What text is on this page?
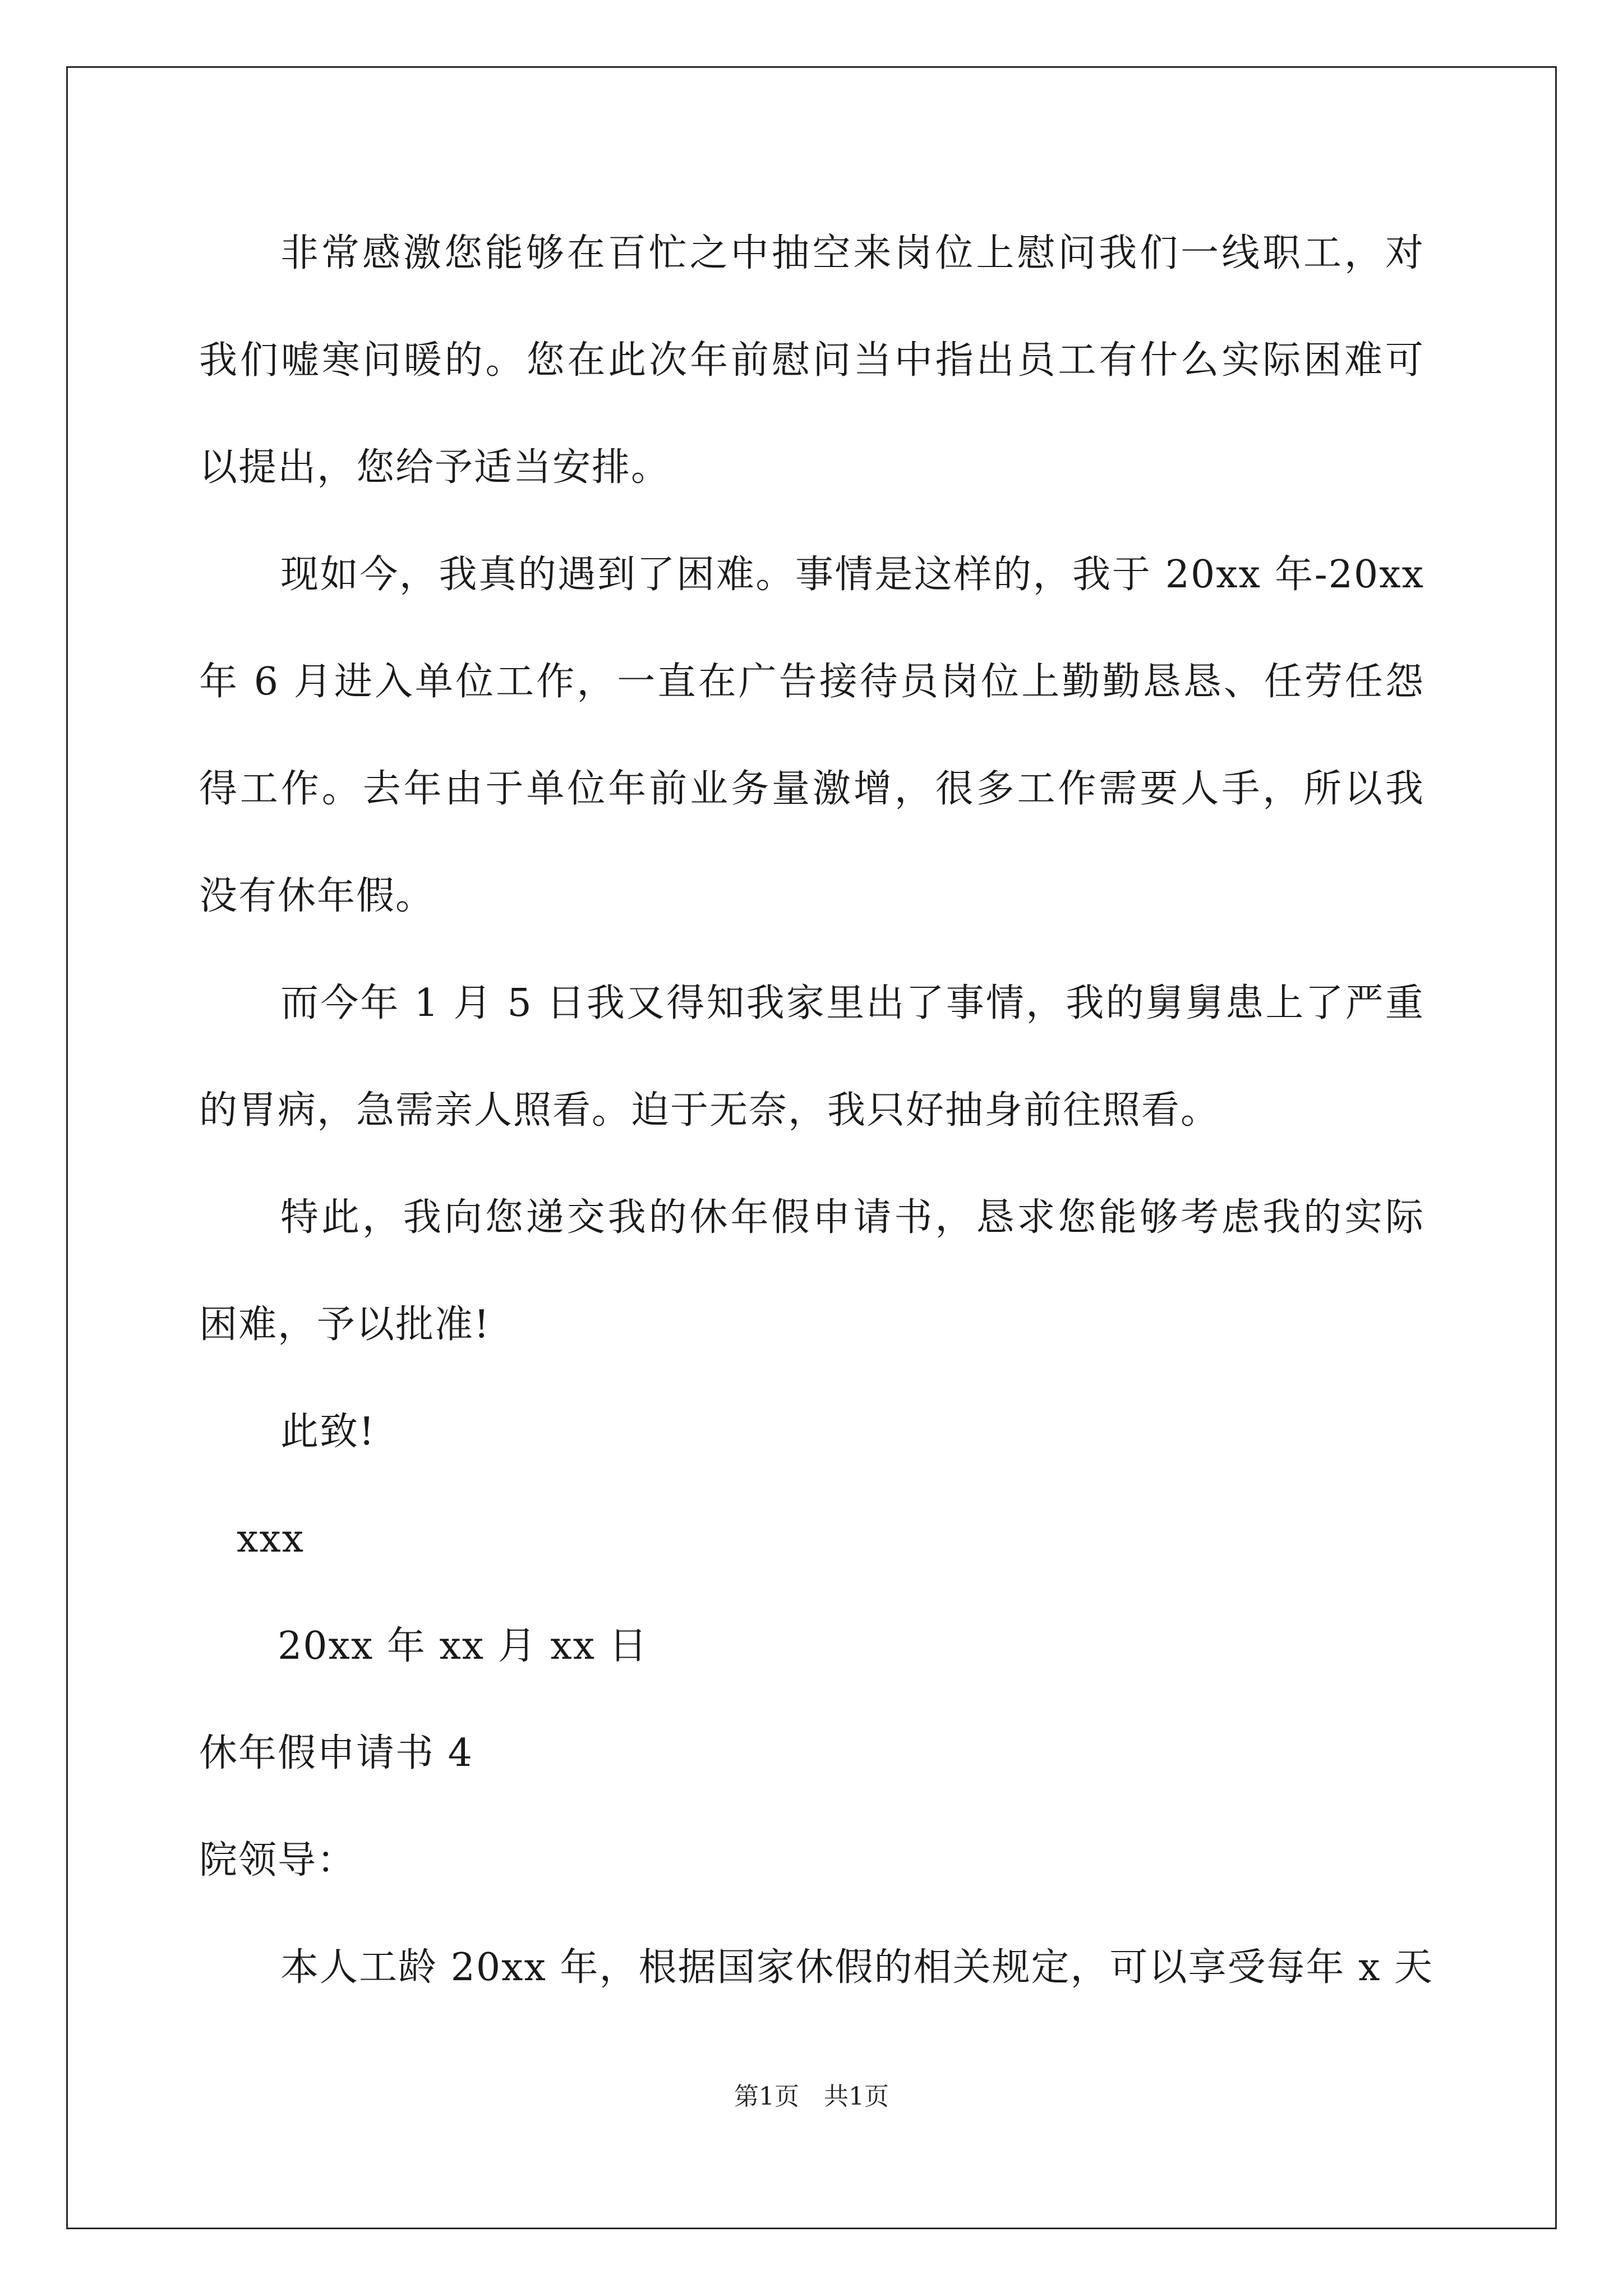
非常感激您能够在百忙之中抽空来岗位上慰问我们一线职工，对
我们嘘寒问暖的。您在此次年前慰问当中指出员工有什么实际困难可
以提出，您给予适当安排。
现如今，我真的遇到了困难。事情是这样的，我于 20xx 年-20xx
年 6 月进入单位工作，一直在广告接待员岗位上勤勤恳恳、任劳任怨
得工作。去年由于单位年前业务量激增，很多工作需要人手，所以我
没有休年假。
而今年 1 月 5 日我又得知我家里出了事情，我的舅舅患上了严重
的胃病，急需亲人照看。迫于无奈，我只好抽身前往照看。
特此，我向您递交我的休年假申请书，恳求您能够考虑我的实际
困难，予以批准!
此致!
xxx
20xx 年 xx 月 xx 日
休年假申请书 4
院领导：
本人工龄 20xx 年，根据国家休假的相关规定，可以享受每年 x 天
第1页　共1页
